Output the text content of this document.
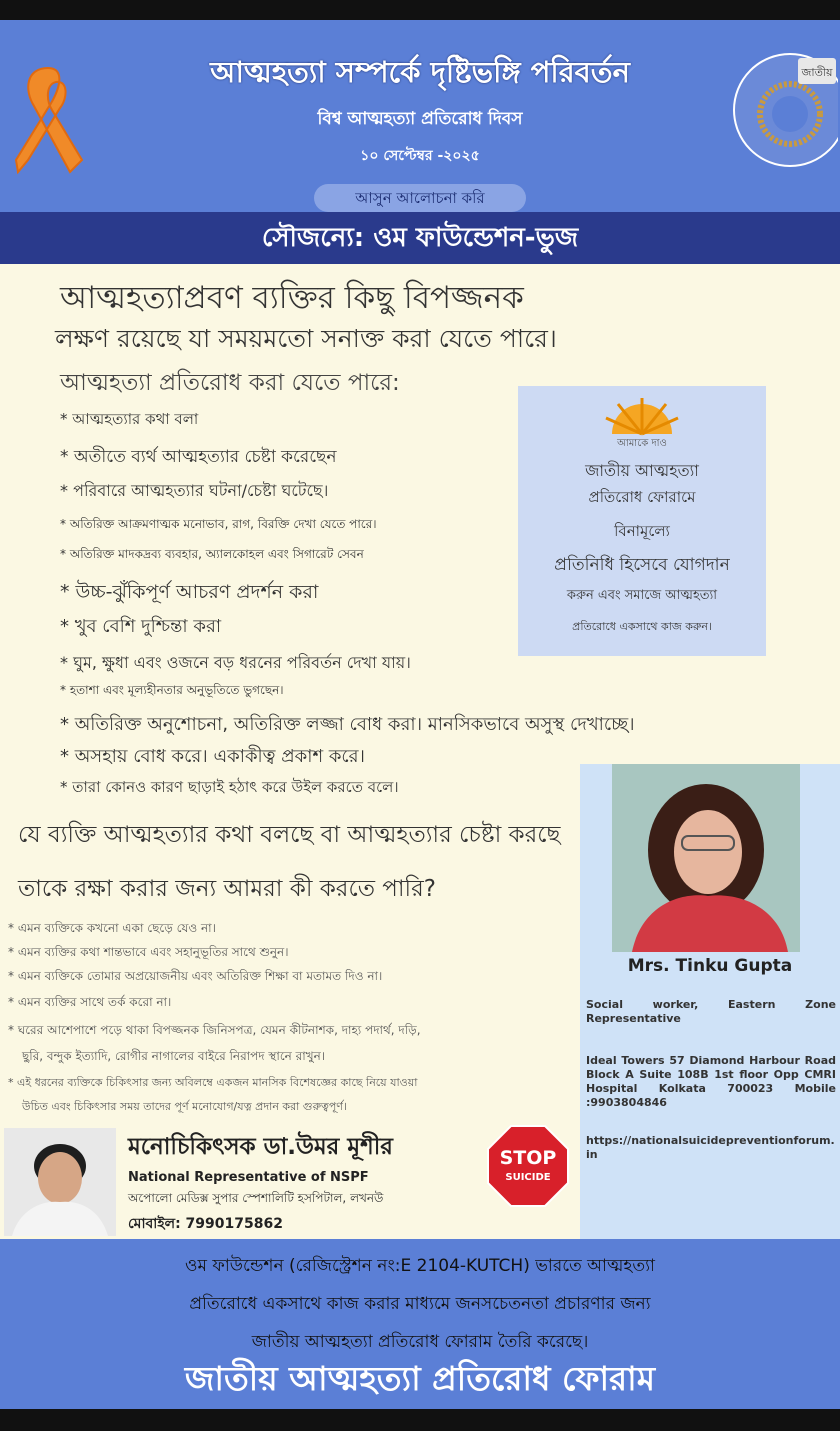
জাতীয়
আত্মহত্যা সম্পর্কে দৃষ্টিভঙ্গি পরিবর্তন
বিশ্ব আত্মহত্যা প্রতিরোধ দিবস
১০ সেপ্টেম্বর -২০২৫
আসুন আলোচনা করি
সৌজন্যে: ওম ফাউন্ডেশন-ভুজ
আত্মহত্যাপ্রবণ ব্যক্তির কিছু বিপজ্জনক
লক্ষণ রয়েছে যা সময়মতো সনাক্ত করা যেতে পারে।
আত্মহত্যা প্রতিরোধ করা যেতে পারে:
* আত্মহত্যার কথা বলা
* অতীতে ব্যর্থ আত্মহত্যার চেষ্টা করেছেন
* পরিবারে আত্মহত্যার ঘটনা/চেষ্টা ঘটেছে।
* অতিরিক্ত আক্রমণাত্মক মনোভাব, রাগ, বিরক্তি দেখা যেতে পারে।
* অতিরিক্ত মাদকদ্রব্য ব্যবহার, অ্যালকোহল এবং সিগারেট সেবন
* উচ্চ-ঝুঁকিপূর্ণ আচরণ প্রদর্শন করা
* খুব বেশি দুশ্চিন্তা করা
* ঘুম, ক্ষুধা এবং ওজনে বড় ধরনের পরিবর্তন দেখা যায়।
* হতাশা এবং মূল্যহীনতার অনুভূতিতে ভুগছেন।
* অতিরিক্ত অনুশোচনা, অতিরিক্ত লজ্জা বোধ করা। মানসিকভাবে অসুস্থ দেখাচ্ছে।
* অসহায় বোধ করে। একাকীত্ব প্রকাশ করে।
* তারা কোনও কারণ ছাড়াই হঠাৎ করে উইল করতে বলে।
যে ব্যক্তি আত্মহত্যার কথা বলছে বা আত্মহত্যার চেষ্টা করছে
তাকে রক্ষা করার জন্য আমরা কী করতে পারি?
* এমন ব্যক্তিকে কখনো একা ছেড়ে যেও না।
* এমন ব্যক্তির কথা শান্তভাবে এবং সহানুভূতির সাথে শুনুন।
* এমন ব্যক্তিকে তোমার অপ্রয়োজনীয় এবং অতিরিক্ত শিক্ষা বা মতামত দিও না।
* এমন ব্যক্তির সাথে তর্ক করো না।
* ঘরের আশেপাশে পড়ে থাকা বিপজ্জনক জিনিসপত্র, যেমন কীটনাশক, দাহ্য পদার্থ, দড়ি,
ছুরি, বন্দুক ইত্যাদি, রোগীর নাগালের বাইরে নিরাপদ স্থানে রাখুন।
* এই ধরনের ব্যক্তিকে চিকিৎসার জন্য অবিলম্বে একজন মানসিক বিশেষজ্ঞের কাছে নিয়ে যাওয়া
উচিত এবং চিকিৎসার সময় তাদের পূর্ণ মনোযোগ/যত্ন প্রদান করা গুরুত্বপূর্ণ।
আমাকে দাও
জাতীয় আত্মহত্যা
প্রতিরোধ ফোরামে
বিনামূল্যে
প্রতিনিধি হিসেবে যোগদান
করুন এবং সমাজে আত্মহত্যা
প্রতিরোধে একসাথে কাজ করুন।
Mrs. Tinku Gupta
Social worker, Eastern Zone Representative
Ideal Towers 57 Diamond Harbour Road Block A Suite 108B 1st floor Opp CMRI Hospital Kolkata 700023 Mobile :9903804846
https://nationalsuicidepreventionforum.in
মনোচিকিৎসক ডা.উমর মূশীর
National Representative of NSPF
অপোলো মেডিক্স সুপার স্পেশালিটি হসপিটাল, লখনউ
মোবাইল: 7990175862
STOP
SUICIDE
ওম ফাউন্ডেশন (রেজিস্ট্রেশন নং:E 2104-KUTCH) ভারতে আত্মহত্যা
প্রতিরোধে একসাথে কাজ করার মাধ্যমে জনসচেতনতা প্রচারণার জন্য
জাতীয় আত্মহত্যা প্রতিরোধ ফোরাম তৈরি করেছে।
জাতীয় আত্মহত্যা প্রতিরোধ ফোরাম
